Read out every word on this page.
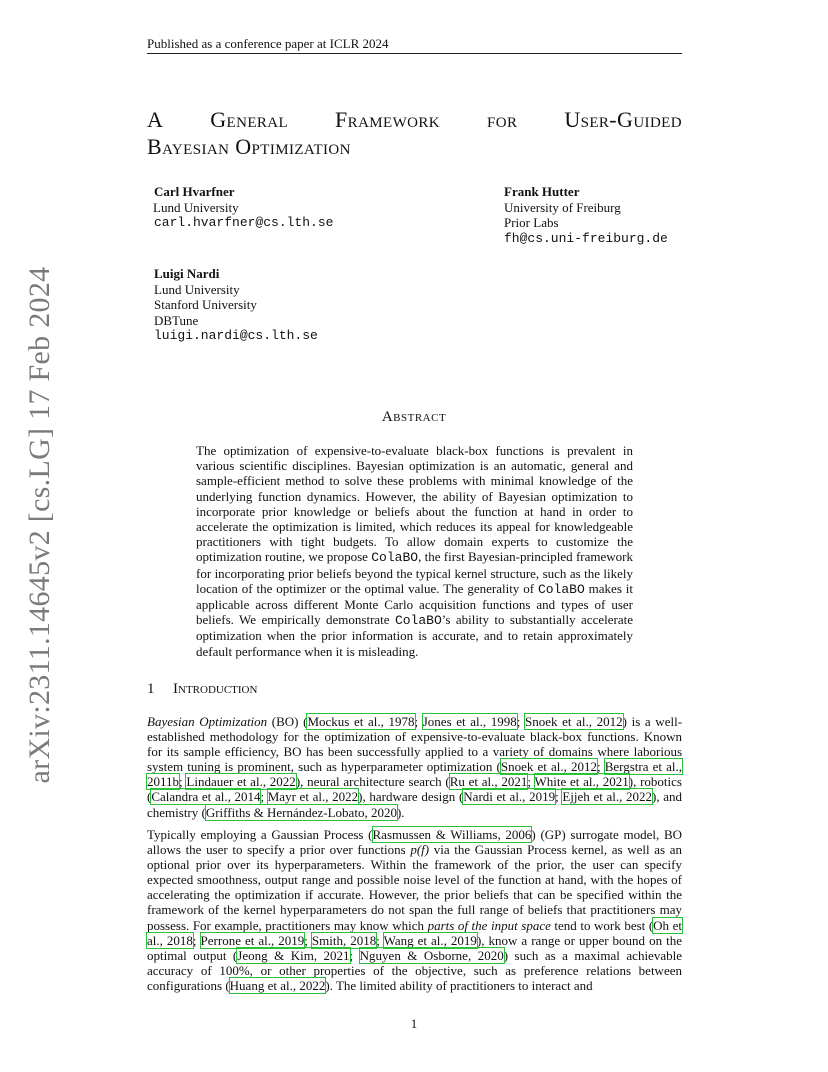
Published as a conference paper at ICLR 2024
arXiv:2311.14645v2 [cs.LG] 17 Feb 2024
A General Framework for User-Guided
Bayesian Optimization
Carl Hvarfner
Lund University
carl.hvarfner@cs.lth.se
Frank Hutter
University of Freiburg
Prior Labs
fh@cs.uni-freiburg.de
Luigi Nardi
Lund University
Stanford University
DBTune
luigi.nardi@cs.lth.se
Abstract
The optimization of expensive-to-evaluate black-box functions is prevalent in various scientific disciplines. Bayesian optimization is an automatic, general and sample-efficient method to solve these problems with minimal knowledge of the underlying function dynamics. However, the ability of Bayesian optimization to incorporate prior knowledge or beliefs about the function at hand in order to accelerate the optimization is limited, which reduces its appeal for knowledgeable practitioners with tight budgets. To allow domain experts to customize the optimization routine, we propose ColaBO, the first Bayesian-principled framework for incorporating prior beliefs beyond the typical kernel structure, such as the likely location of the optimizer or the optimal value. The generality of ColaBO makes it applicable across different Monte Carlo acquisition functions and types of user beliefs. We empirically demonstrate ColaBO’s ability to substantially accelerate optimization when the prior information is accurate, and to retain approximately default performance when it is misleading.
1 Introduction
Bayesian Optimization (BO) (Mockus et al., 1978; Jones et al., 1998; Snoek et al., 2012) is a well-established methodology for the optimization of expensive-to-evaluate black-box functions. Known for its sample efficiency, BO has been successfully applied to a variety of domains where laborious system tuning is prominent, such as hyperparameter optimization (Snoek et al., 2012; Bergstra et al., 2011b; Lindauer et al., 2022), neural architecture search (Ru et al., 2021; White et al., 2021), robotics (Calandra et al., 2014; Mayr et al., 2022), hardware design (Nardi et al., 2019; Ejjeh et al., 2022), and chemistry (Griffiths & Hernández-Lobato, 2020).
Typically employing a Gaussian Process (Rasmussen & Williams, 2006) (GP) surrogate model, BO allows the user to specify a prior over functions p(f) via the Gaussian Process kernel, as well as an optional prior over its hyperparameters. Within the framework of the prior, the user can specify expected smoothness, output range and possible noise level of the function at hand, with the hopes of accelerating the optimization if accurate. However, the prior beliefs that can be specified within the framework of the kernel hyperparameters do not span the full range of beliefs that practitioners may possess. For example, practitioners may know which parts of the input space tend to work best (Oh et al., 2018; Perrone et al., 2019; Smith, 2018; Wang et al., 2019), know a range or upper bound on the optimal output (Jeong & Kim, 2021; Nguyen & Osborne, 2020) such as a maximal achievable accuracy of 100%, or other properties of the objective, such as preference relations between configurations (Huang et al., 2022). The limited ability of practitioners to interact and
1
